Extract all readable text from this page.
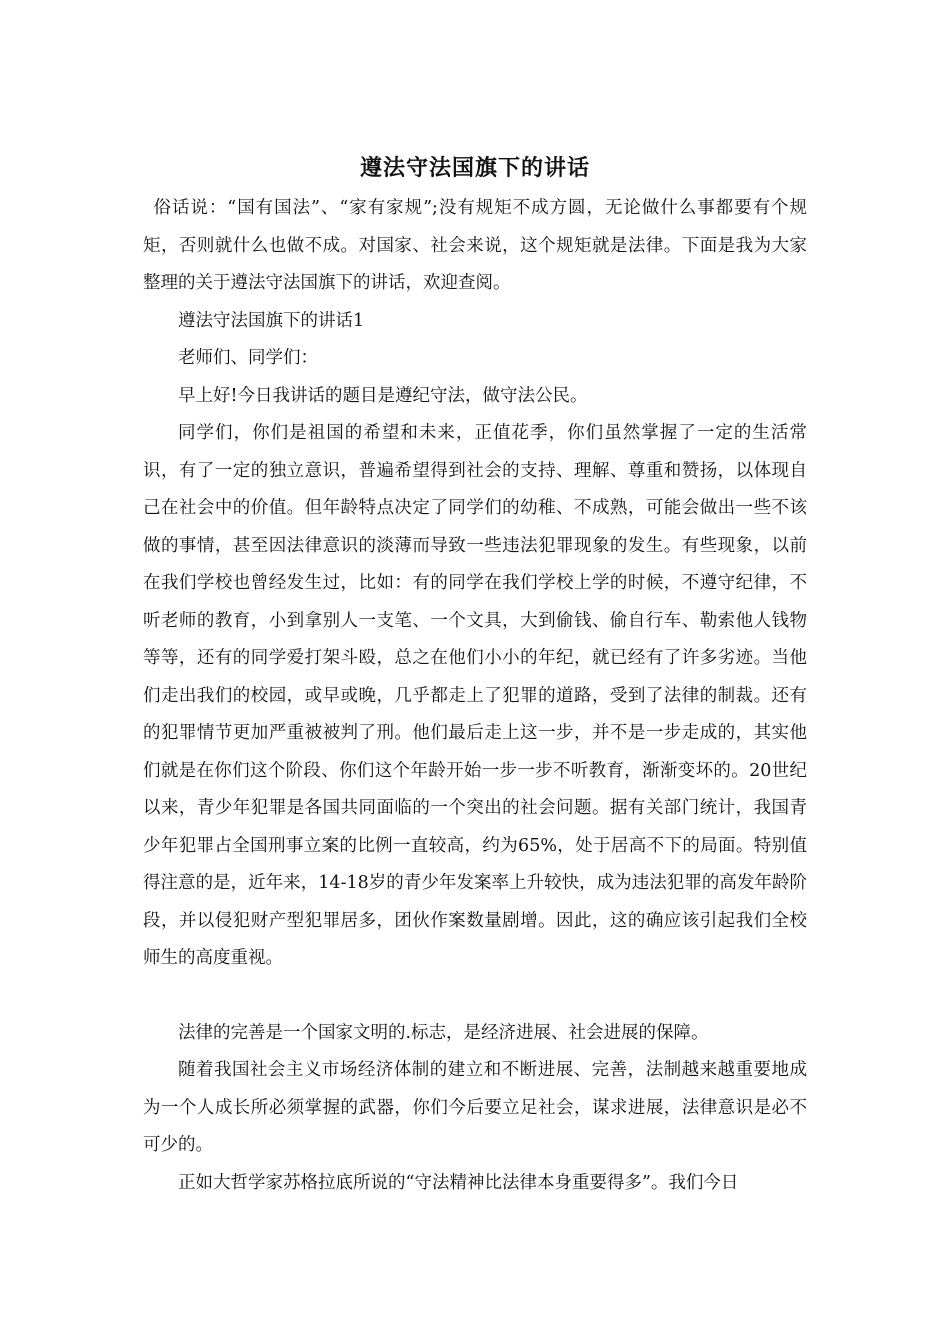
遵法守法国旗下的讲话

俗话说：“国有国法”、“家有家规”;没有规矩不成方圆，无论做什么事都要有个规矩，否则就什么也做不成。对国家、社会来说，这个规矩就是法律。下面是我为大家整理的关于遵法守法国旗下的讲话，欢迎查阅。

遵法守法国旗下的讲话1

老师们、同学们：

早上好!今日我讲话的题目是遵纪守法，做守法公民。

同学们，你们是祖国的希望和未来，正值花季，你们虽然掌握了一定的生活常识，有了一定的独立意识，普遍希望得到社会的支持、理解、尊重和赞扬，以体现自己在社会中的价值。但年龄特点决定了同学们的幼稚、不成熟，可能会做出一些不该做的事情，甚至因法律意识的淡薄而导致一些违法犯罪现象的发生。有些现象，以前在我们学校也曾经发生过，比如：有的同学在我们学校上学的时候，不遵守纪律，不听老师的教育，小到拿别人一支笔、一个文具，大到偷钱、偷自行车、勒索他人钱物等等，还有的同学爱打架斗殴，总之在他们小小的年纪，就已经有了许多劣迹。当他们走出我们的校园，或早或晚，几乎都走上了犯罪的道路，受到了法律的制裁。还有的犯罪情节更加严重被被判了刑。他们最后走上这一步，并不是一步走成的，其实他们就是在你们这个阶段、你们这个年龄开始一步一步不听教育，渐渐变坏的。20世纪以来，青少年犯罪是各国共同面临的一个突出的社会问题。据有关部门统计，我国青少年犯罪占全国刑事立案的比例一直较高，约为65%，处于居高不下的局面。特别值得注意的是，近年来，14-18岁的青少年发案率上升较快，成为违法犯罪的高发年龄阶段，并以侵犯财产型犯罪居多，团伙作案数量剧增。因此，这的确应该引起我们全校师生的高度重视。

法律的完善是一个国家文明的.标志，是经济进展、社会进展的保障。

随着我国社会主义市场经济体制的建立和不断进展、完善，法制越来越重要地成为一个人成长所必须掌握的武器，你们今后要立足社会，谋求进展，法律意识是必不可少的。

正如大哲学家苏格拉底所说的“守法精神比法律本身重要得多”。我们今日
